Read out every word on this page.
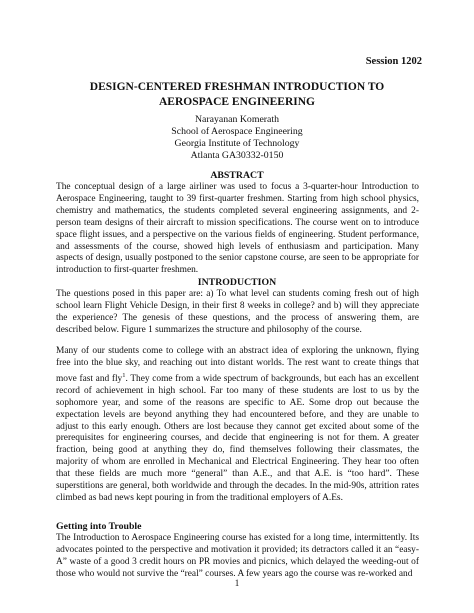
Session 1202
DESIGN-CENTERED FRESHMAN INTRODUCTION TO
AEROSPACE ENGINEERING
Narayanan Komerath
School of Aerospace Engineering
Georgia Institute of Technology
Atlanta GA30332-0150
ABSTRACT
The conceptual design of a large airliner was used to focus a 3-quarter-hour Introduction to Aerospace Engineering, taught to 39 first-quarter freshmen. Starting from high school physics, chemistry and mathematics, the students completed several engineering assignments, and 2-person team designs of their aircraft to mission specifications. The course went on to introduce space flight issues, and a perspective on the various fields of engineering. Student performance, and assessments of the course, showed high levels of enthusiasm and participation. Many aspects of design, usually postponed to the senior capstone course, are seen to be appropriate for introduction to first-quarter freshmen.
INTRODUCTION
The questions posed in this paper are: a) To what level can students coming fresh out of high school learn Flight Vehicle Design, in their first 8 weeks in college? and b) will they appreciate the experience? The genesis of these questions, and the process of answering them, are described below. Figure 1 summarizes the structure and philosophy of the course.
Many of our students come to college with an abstract idea of exploring the unknown, flying free into the blue sky, and reaching out into distant worlds. The rest want to create things that move fast and fly$^1$. They come from a wide spectrum of backgrounds, but each has an excellent record of achievement in high school. Far too many of these students are lost to us by the sophomore year, and some of the reasons are specific to AE. Some drop out because the expectation levels are beyond anything they had encountered before, and they are unable to adjust to this early enough. Others are lost because they cannot get excited about some of the prerequisites for engineering courses, and decide that engineering is not for them. A greater fraction, being good at anything they do, find themselves following their classmates, the majority of whom are enrolled in Mechanical and Electrical Engineering. They hear too often that these fields are much more “general” than A.E., and that A.E. is “too hard”. These superstitions are general, both worldwide and through the decades. In the mid-90s, attrition rates climbed as bad news kept pouring in from the traditional employers of A.Es.
Getting into Trouble
The Introduction to Aerospace Engineering course has existed for a long time, intermittently. Its advocates pointed to the perspective and motivation it provided; its detractors called it an “easy-A” waste of a good 3 credit hours on PR movies and picnics, which delayed the weeding-out of those who would not survive the “real” courses. A few years ago the course was re-worked and
1
